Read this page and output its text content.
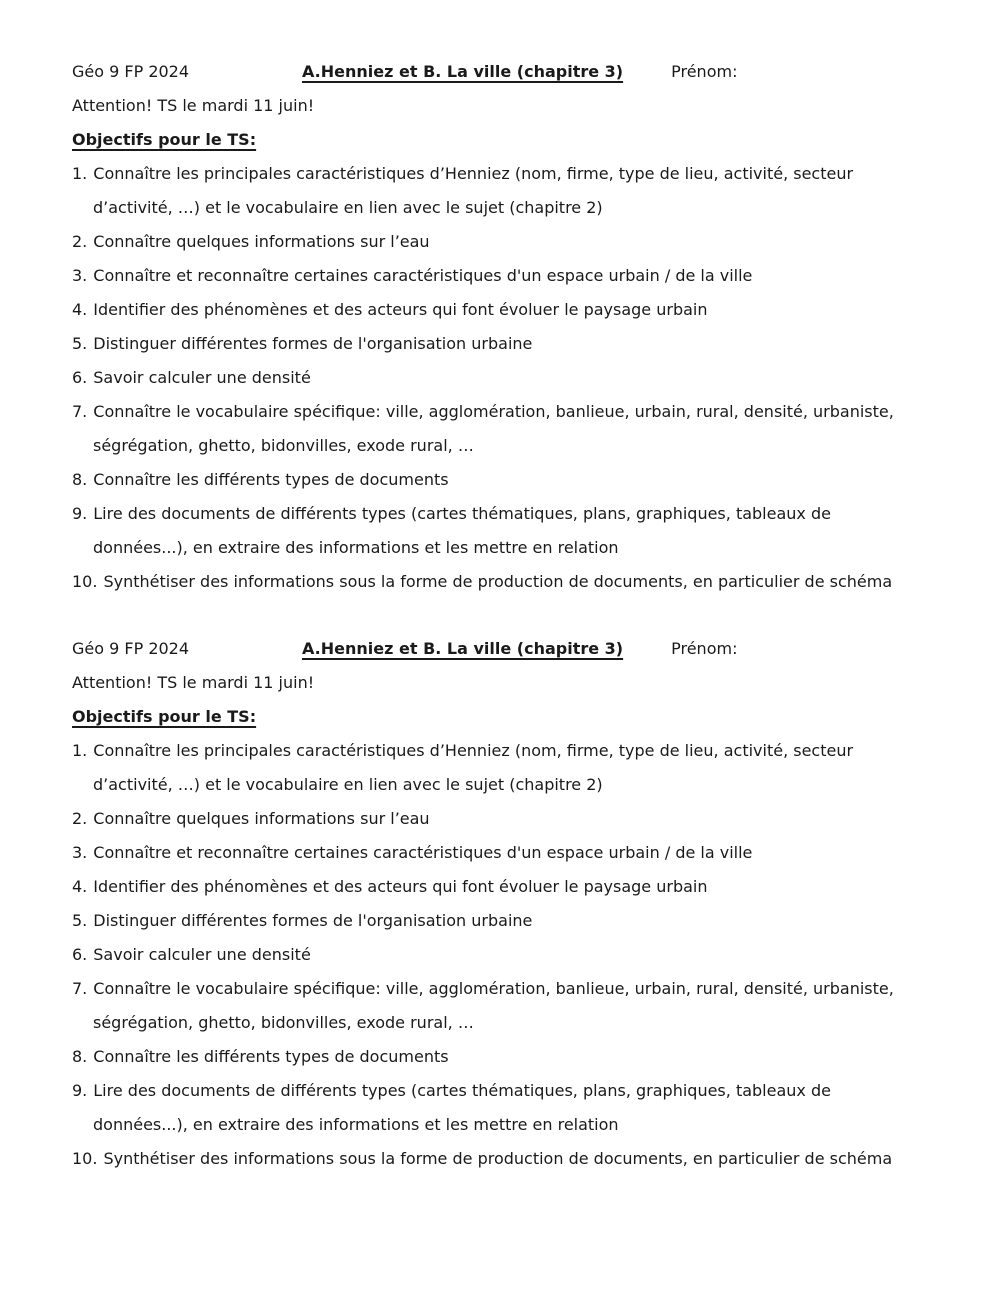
Géo 9 FP 2024	A.Henniez et B. La ville (chapitre 3)	Prénom:
Attention! TS le mardi 11 juin!
Objectifs pour le TS:
1. Connaître les principales caractéristiques d’Henniez (nom, firme, type de lieu, activité, secteur d’activité, …) et le vocabulaire en lien avec le sujet (chapitre 2)
2. Connaître quelques informations sur l’eau
3. Connaître et reconnaître certaines caractéristiques d'un espace urbain / de la ville
4. Identifier des phénomènes et des acteurs qui font évoluer le paysage urbain
5. Distinguer différentes formes de l'organisation urbaine
6. Savoir calculer une densité
7. Connaître le vocabulaire spécifique: ville, agglomération, banlieue, urbain, rural, densité, urbaniste, ségrégation, ghetto, bidonvilles, exode rural, …
8. Connaître les différents types de documents
9. Lire des documents de différents types (cartes thématiques, plans, graphiques, tableaux de données...), en extraire des informations et les mettre en relation
10. Synthétiser des informations sous la forme de production de documents, en particulier de schéma
Géo 9 FP 2024	A.Henniez et B. La ville (chapitre 3)	Prénom:
Attention! TS le mardi 11 juin!
Objectifs pour le TS:
1. Connaître les principales caractéristiques d’Henniez (nom, firme, type de lieu, activité, secteur d’activité, …) et le vocabulaire en lien avec le sujet (chapitre 2)
2. Connaître quelques informations sur l’eau
3. Connaître et reconnaître certaines caractéristiques d'un espace urbain / de la ville
4. Identifier des phénomènes et des acteurs qui font évoluer le paysage urbain
5. Distinguer différentes formes de l'organisation urbaine
6. Savoir calculer une densité
7. Connaître le vocabulaire spécifique: ville, agglomération, banlieue, urbain, rural, densité, urbaniste, ségrégation, ghetto, bidonvilles, exode rural, …
8. Connaître les différents types de documents
9. Lire des documents de différents types (cartes thématiques, plans, graphiques, tableaux de données...), en extraire des informations et les mettre en relation
10. Synthétiser des informations sous la forme de production de documents, en particulier de schéma
